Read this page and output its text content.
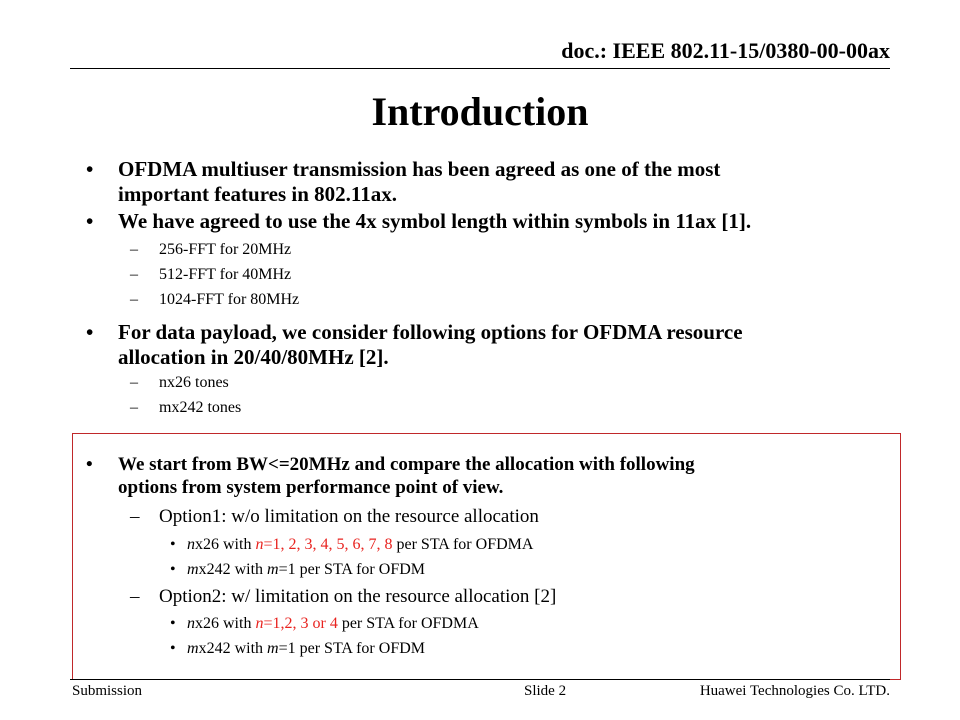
doc.: IEEE 802.11-15/0380-00-00ax
Introduction
• OFDMA multiuser transmission has been agreed as one of the most
important features in 802.11ax.
• We have agreed to use the 4x symbol length within symbols in 11ax [1].
– 256-FFT for 20MHz
– 512-FFT for 40MHz
– 1024-FFT for 80MHz
• For data payload, we consider following options for OFDMA resource
allocation in 20/40/80MHz [2].
– nx26 tones
– mx242 tones
• We start from BW<=20MHz and compare the allocation with following
options from system performance point of view.
– Option1: w/o limitation on the resource allocation
• nx26 with n=1, 2, 3, 4, 5, 6, 7, 8 per STA for OFDMA
• mx242 with m=1 per STA for OFDM
– Option2: w/ limitation on the resource allocation [2]
• nx26 with n=1,2, 3 or 4 per STA for OFDMA
• mx242 with m=1 per STA for OFDM
Submission	Slide 2	Huawei Technologies Co. LTD.
